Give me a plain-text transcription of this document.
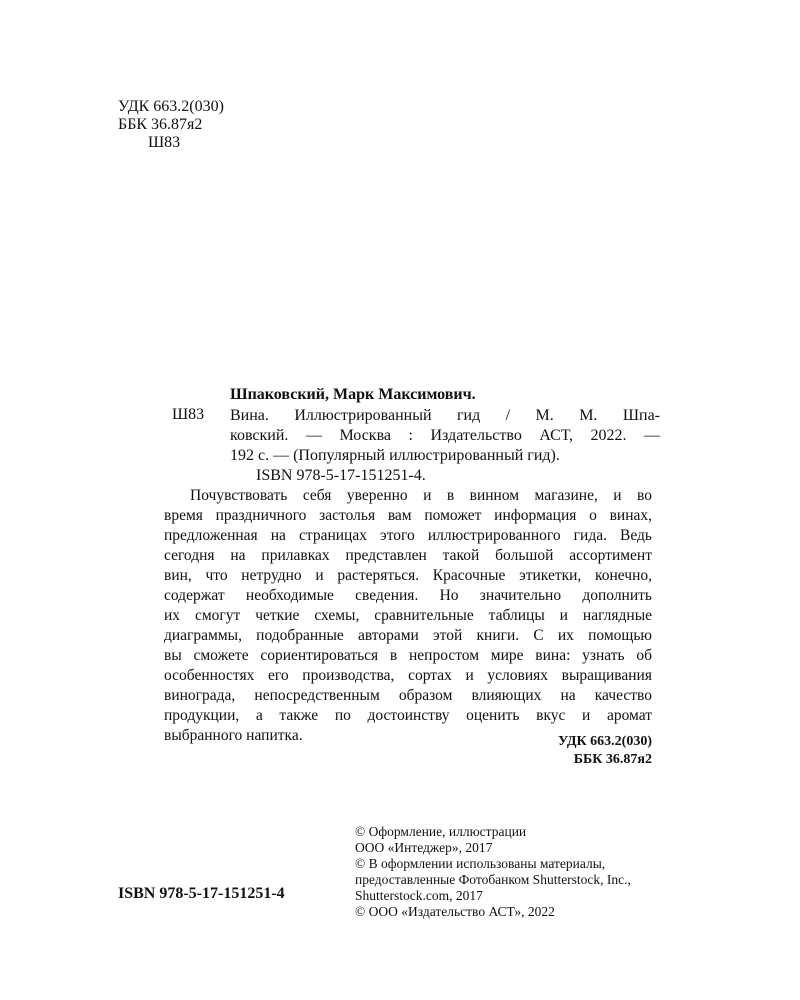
УДК 663.2(030)
ББК 36.87я2
Ш83
Шпаковский, Марк Максимович.
Ш83 Вина. Иллюстрированный гид / М. М. Шпа-
ковский. — Москва : Издательство АСТ, 2022. —
192 с. — (Популярный иллюстрированный гид).
ISBN 978-5-17-151251-4.
Почувствовать себя уверенно и в винном магазине, и во
время праздничного застолья вам поможет информация о винах,
предложенная на страницах этого иллюстрированного гида. Ведь
сегодня на прилавках представлен такой большой ассортимент
вин, что нетрудно и растеряться. Красочные этикетки, конечно,
содержат необходимые сведения. Но значительно дополнить
их смогут четкие схемы, сравнительные таблицы и наглядные
диаграммы, подобранные авторами этой книги. С их помощью
вы сможете сориентироваться в непростом мире вина: узнать об
особенностях его производства, сортах и условиях выращивания
винограда, непосредственным образом влияющих на качество
продукции, а также по достоинству оценить вкус и аромат
выбранного напитка.	УДК 663.2(030)
ББК 36.87я2
© Оформление, иллюстрации
ООО «Интеджер», 2017
© В оформлении использованы материалы,
предоставленные Фотобанком Shutterstock, Inc.,
Shutterstock.com, 2017
© ООО «Издательство АСТ», 2022
ISBN 978-5-17-151251-4
